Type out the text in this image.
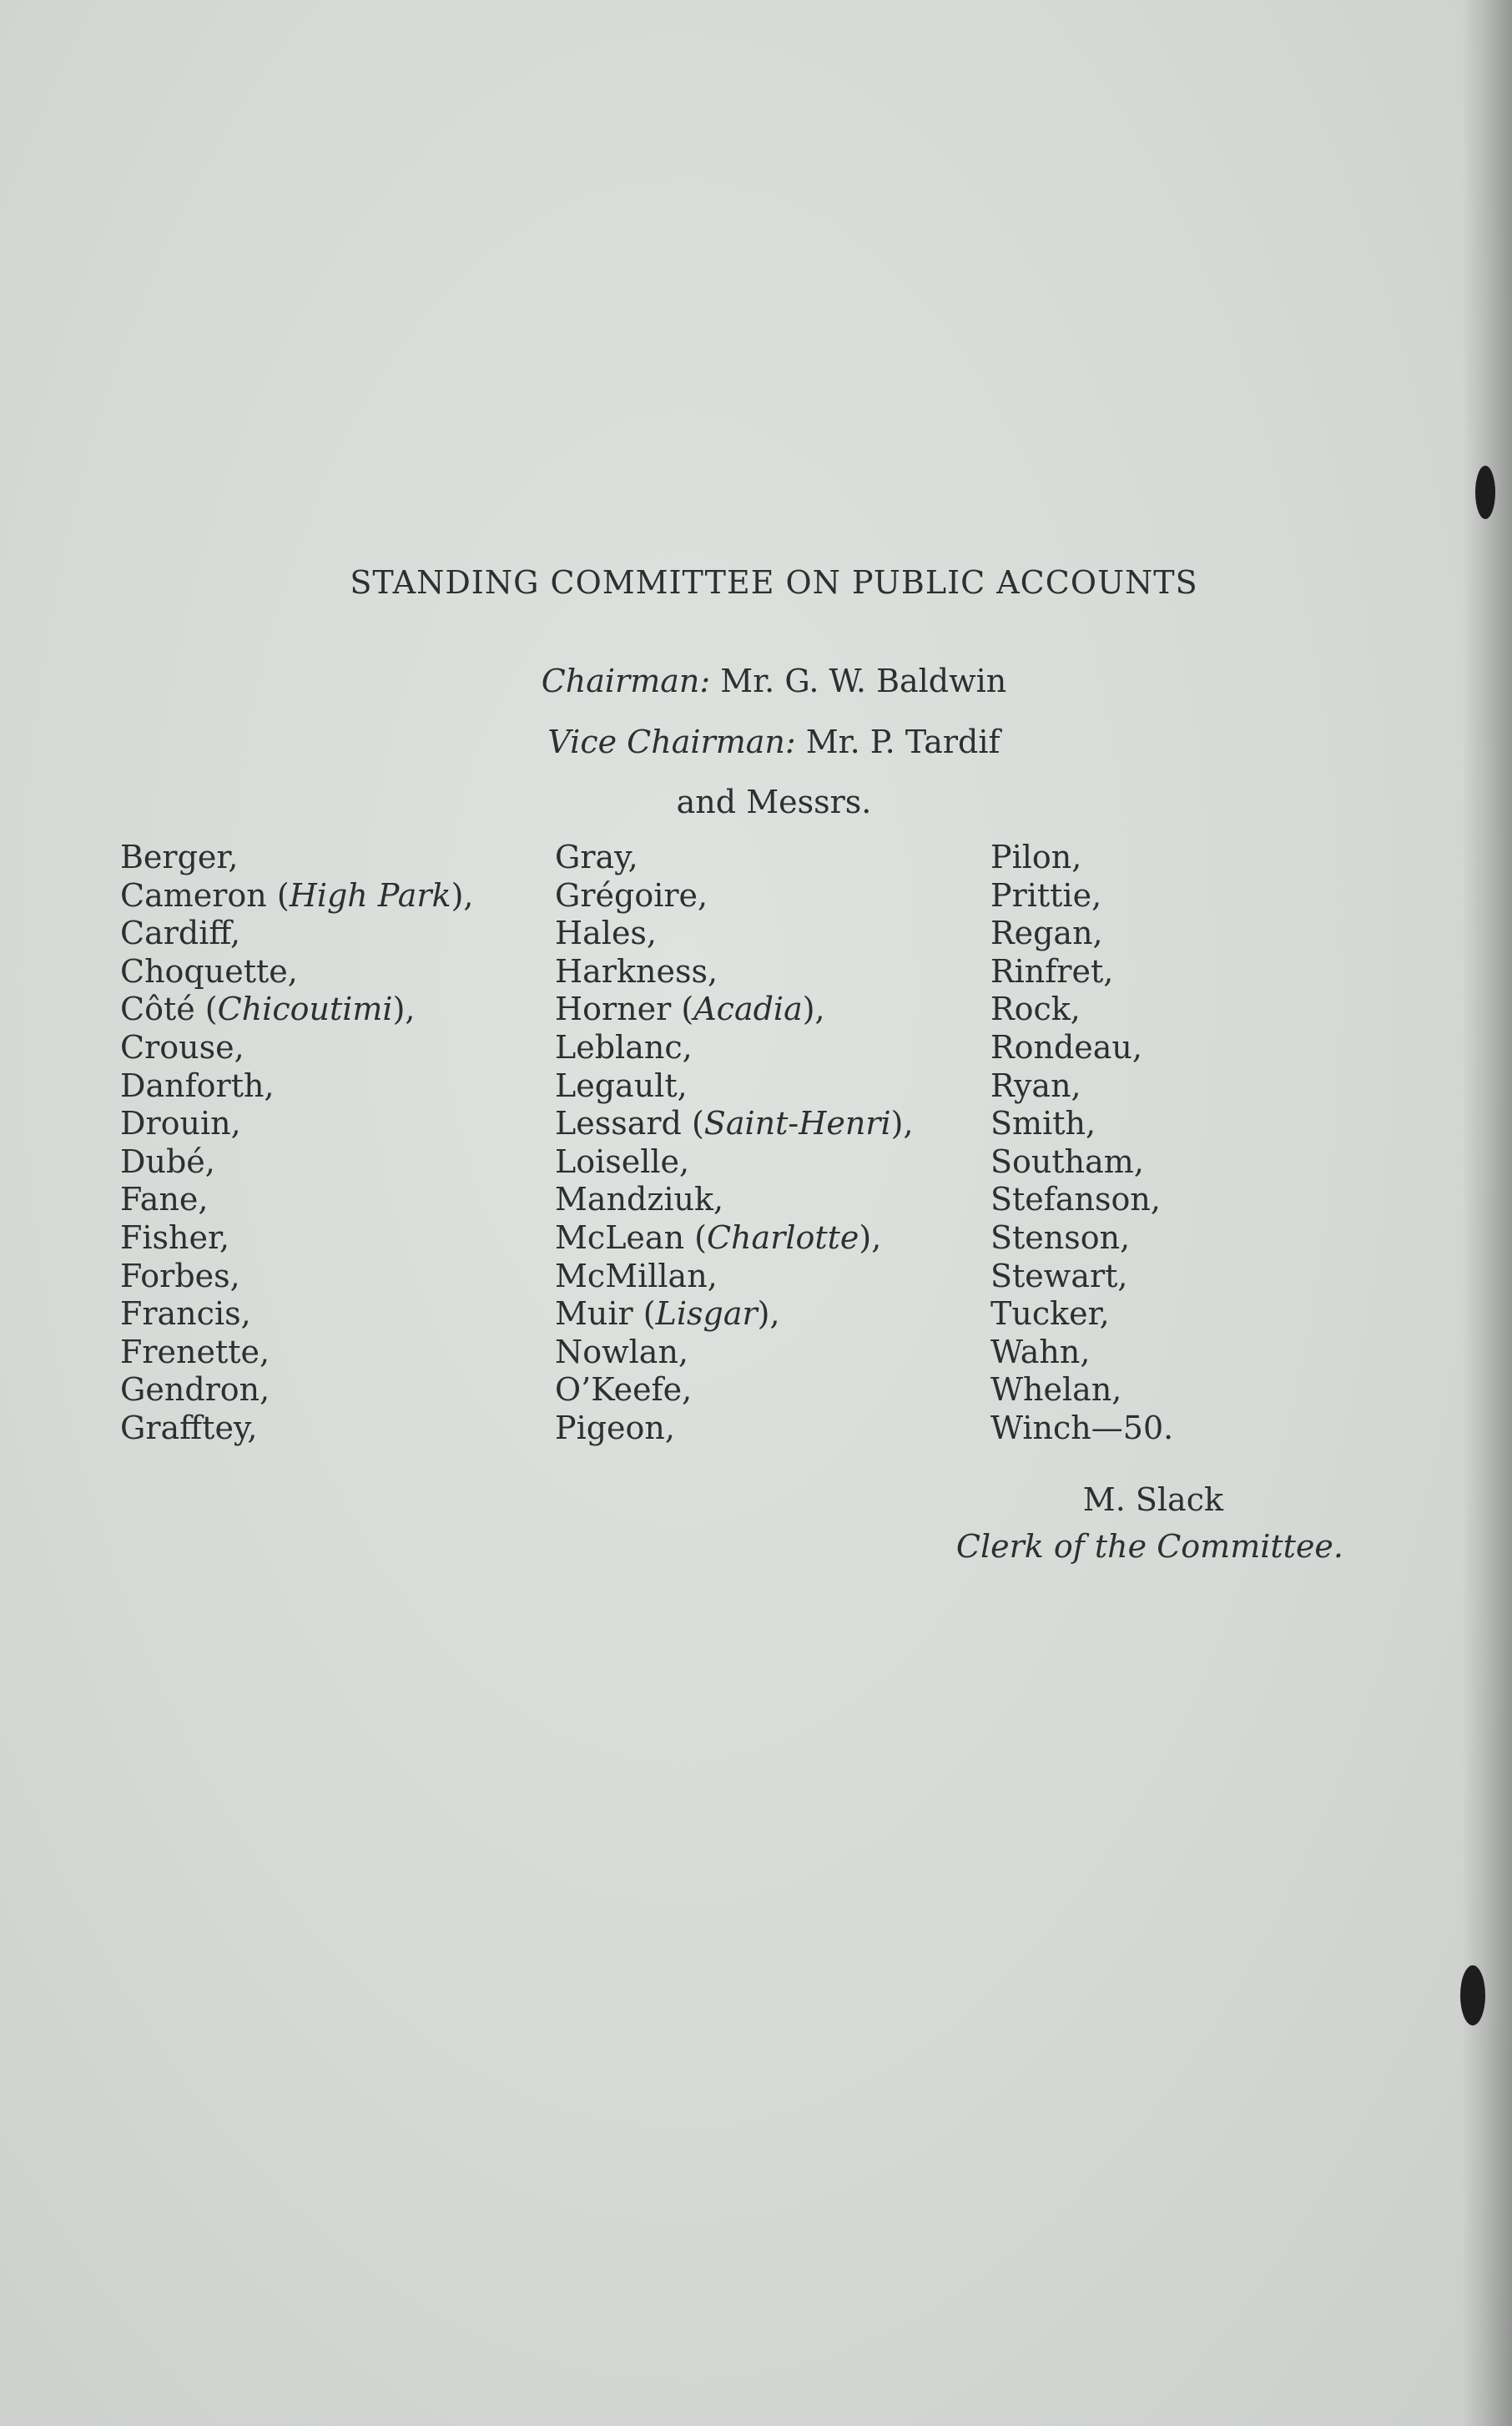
STANDING COMMITTEE ON PUBLIC ACCOUNTS
Chairman: Mr. G. W. Baldwin
Vice Chairman: Mr. P. Tardif
and Messrs.
Berger,
Cameron (High Park),
Cardiff,
Choquette,
Côté (Chicoutimi),
Crouse,
Danforth,
Drouin,
Dubé,
Fane,
Fisher,
Forbes,
Francis,
Frenette,
Gendron,
Grafftey,
Gray,
Grégoire,
Hales,
Harkness,
Horner (Acadia),
Leblanc,
Legault,
Lessard (Saint-Henri),
Loiselle,
Mandziuk,
McLean (Charlotte),
McMillan,
Muir (Lisgar),
Nowlan,
O’Keefe,
Pigeon,
Pilon,
Prittie,
Regan,
Rinfret,
Rock,
Rondeau,
Ryan,
Smith,
Southam,
Stefanson,
Stenson,
Stewart,
Tucker,
Wahn,
Whelan,
Winch—50.
M. Slack
Clerk of the Committee.
